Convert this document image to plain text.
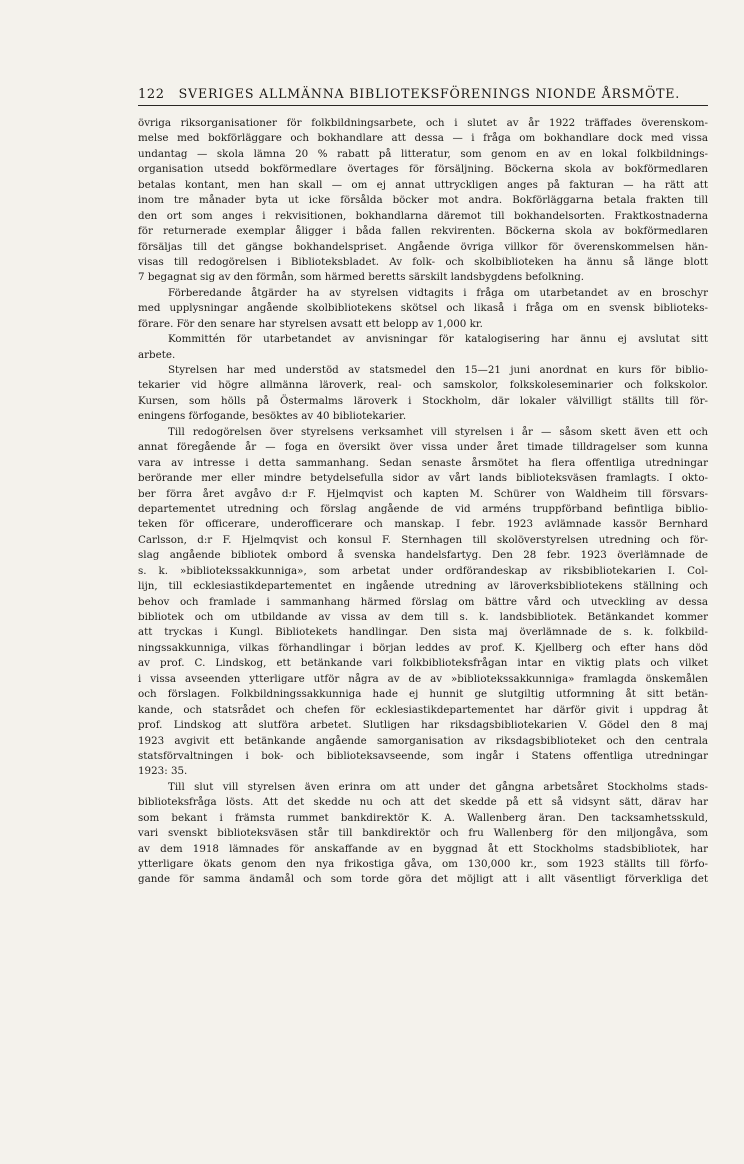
122 SVERIGES ALLMÄNNA BIBLIOTEKSFÖRENINGS NIONDE ÅRSMÖTE.
övriga riksorganisationer för folkbildningsarbete, och i slutet av år 1922 träffades överenskom-
melse med bokförläggare och bokhandlare att dessa — i fråga om bokhandlare dock med vissa
undantag — skola lämna 20 % rabatt på litteratur, som genom en av en lokal folkbildnings-
organisation utsedd bokförmedlare övertages för försäljning. Böckerna skola av bokförmedlaren
betalas kontant, men han skall — om ej annat uttryckligen anges på fakturan — ha rätt att
inom tre månader byta ut icke försålda böcker mot andra. Bokförläggarna betala frakten till
den ort som anges i rekvisitionen, bokhandlarna däremot till bokhandelsorten. Fraktkostnaderna
för returnerade exemplar åligger i båda fallen rekvirenten. Böckerna skola av bokförmedlaren
försäljas till det gängse bokhandelspriset. Angående övriga villkor för överenskommelsen hän-
visas till redogörelsen i Biblioteksbladet. Av folk- och skolbiblioteken ha ännu så länge blott
7 begagnat sig av den förmån, som härmed beretts särskilt landsbygdens befolkning.
Förberedande åtgärder ha av styrelsen vidtagits i fråga om utarbetandet av en broschyr
med upplysningar angående skolbibliotekens skötsel och likaså i fråga om en svensk biblioteks-
förare. För den senare har styrelsen avsatt ett belopp av 1,000 kr.
Kommittén för utarbetandet av anvisningar för katalogisering har ännu ej avslutat sitt
arbete.
Styrelsen har med understöd av statsmedel den 15—21 juni anordnat en kurs för biblio-
tekarier vid högre allmänna läroverk, real- och samskolor, folkskoleseminarier och folkskolor.
Kursen, som hölls på Östermalms läroverk i Stockholm, där lokaler välvilligt ställts till för-
eningens förfogande, besöktes av 40 bibliotekarier.
Till redogörelsen över styrelsens verksamhet vill styrelsen i år — såsom skett även ett och
annat föregående år — foga en översikt över vissa under året timade tilldragelser som kunna
vara av intresse i detta sammanhang. Sedan senaste årsmötet ha flera offentliga utredningar
berörande mer eller mindre betydelsefulla sidor av vårt lands biblioteksväsen framlagts. I okto-
ber förra året avgåvo d:r F. Hjelmqvist och kapten M. Schürer von Waldheim till försvars-
departementet utredning och förslag angående de vid arméns truppförband befintliga biblio-
teken för officerare, underofficerare och manskap. I febr. 1923 avlämnade kassör Bernhard
Carlsson, d:r F. Hjelmqvist och konsul F. Sternhagen till skolöverstyrelsen utredning och för-
slag angående bibliotek ombord å svenska handelsfartyg. Den 28 febr. 1923 överlämnade de
s. k. »bibliotekssakkunniga», som arbetat under ordförandeskap av riksbibliotekarien I. Col-
lijn, till ecklesiastikdepartementet en ingående utredning av läroverksbibliotekens ställning och
behov och framlade i sammanhang härmed förslag om bättre vård och utveckling av dessa
bibliotek och om utbildande av vissa av dem till s. k. landsbibliotek. Betänkandet kommer
att tryckas i Kungl. Bibliotekets handlingar. Den sista maj överlämnade de s. k. folkbild-
ningssakkunniga, vilkas förhandlingar i början leddes av prof. K. Kjellberg och efter hans död
av prof. C. Lindskog, ett betänkande vari folkbiblioteksfrågan intar en viktig plats och vilket
i vissa avseenden ytterligare utför några av de av »bibliotekssakkunniga» framlagda önskemålen
och förslagen. Folkbildningssakkunniga hade ej hunnit ge slutgiltig utformning åt sitt betän-
kande, och statsrådet och chefen för ecklesiastikdepartementet har därför givit i uppdrag åt
prof. Lindskog att slutföra arbetet. Slutligen har riksdagsbibliotekarien V. Gödel den 8 maj
1923 avgivit ett betänkande angående samorganisation av riksdagsbiblioteket och den centrala
statsförvaltningen i bok- och biblioteksavseende, som ingår i Statens offentliga utredningar
1923: 35.
Till slut vill styrelsen även erinra om att under det gångna arbetsåret Stockholms stads-
biblioteksfråga lösts. Att det skedde nu och att det skedde på ett så vidsynt sätt, därav har
som bekant i främsta rummet bankdirektör K. A. Wallenberg äran. Den tacksamhetsskuld,
vari svenskt biblioteksväsen står till bankdirektör och fru Wallenberg för den miljongåva, som
av dem 1918 lämnades för anskaffande av en byggnad åt ett Stockholms stadsbibliotek, har
ytterligare ökats genom den nya frikostiga gåva, om 130,000 kr., som 1923 ställts till förfo-
gande för samma ändamål och som torde göra det möjligt att i allt väsentligt förverkliga det
